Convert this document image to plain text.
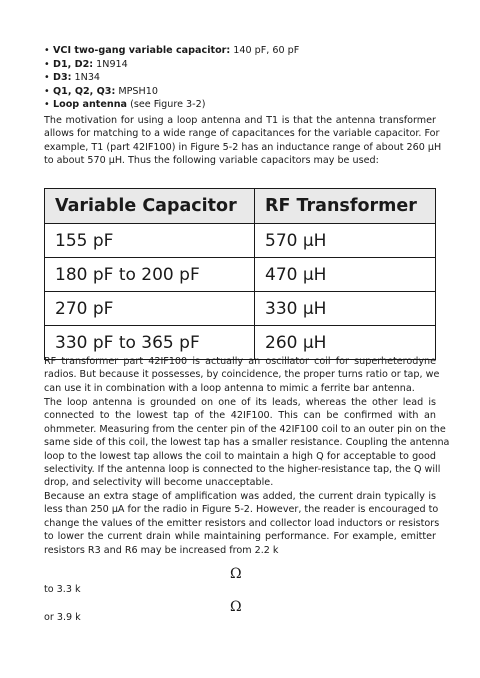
• VCI two-gang variable capacitor: 140 pF, 60 pF
• D1, D2: 1N914
• D3: 1N34
• Q1, Q2, Q3: MPSH10
• Loop antenna (see Figure 3-2)

The motivation for using a loop antenna and T1 is that the antenna transformer
allows for matching to a wide range of capacitances for the variable capacitor. For
example, T1 (part 42IF100) in Figure 5-2 has an inductance range of about 260 µH
to about 570 µH. Thus the following variable capacitors may be used:

Variable Capacitor	RF Transformer
155 pF	570 µH
180 pF to 200 pF	470 µH
270 pF	330 µH
330 pF to 365 pF	260 µH

RF transformer part 42IF100 is actually an oscillator coil for superheterodyne
radios. But because it possesses, by coincidence, the proper turns ratio or tap, we
can use it in combination with a loop antenna to mimic a ferrite bar antenna.

The loop antenna is grounded on one of its leads, whereas the other lead is
connected to the lowest tap of the 42IF100. This can be confirmed with an
ohmmeter. Measuring from the center pin of the 42IF100 coil to an outer pin on the
same side of this coil, the lowest tap has a smaller resistance. Coupling the antenna
loop to the lowest tap allows the coil to maintain a high Q for acceptable to good
selectivity. If the antenna loop is connected to the higher-resistance tap, the Q will
drop, and selectivity will become unacceptable.

Because an extra stage of amplification was added, the current drain typically is
less than 250 µA for the radio in Figure 5-2. However, the reader is encouraged to
change the values of the emitter resistors and collector load inductors or resistors
to lower the current drain while maintaining performance. For example, emitter
resistors R3 and R6 may be increased from 2.2 k

Ω
to 3.3 k
Ω
or 3.9 k
